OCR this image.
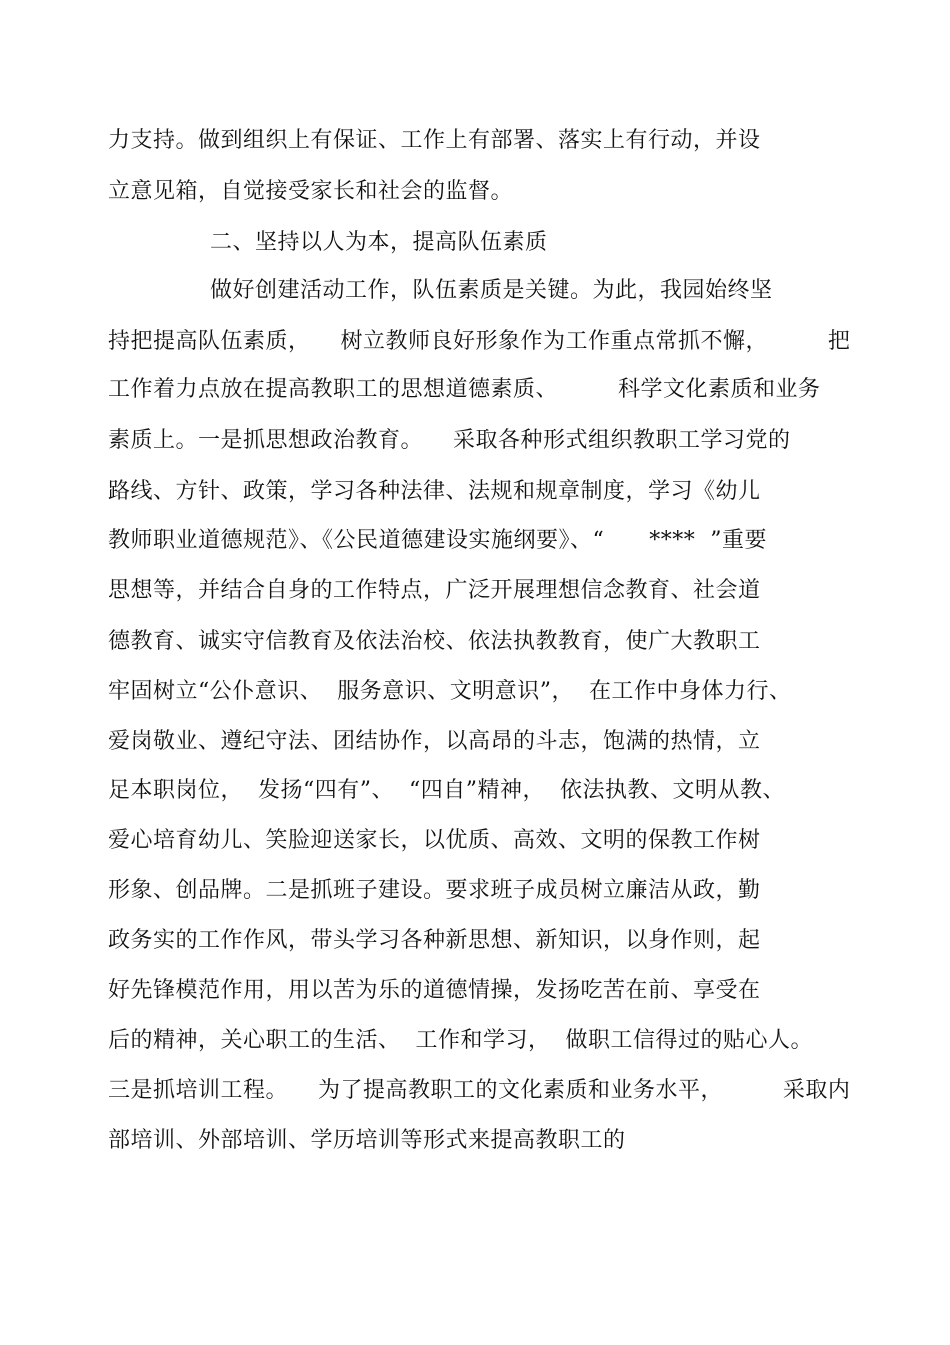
力支持。做到组织上有保证、工作上有部署、落实上有行动，并设
立意见箱，自觉接受家长和社会的监督。
二、坚持以人为本，提高队伍素质
做好创建活动工作，队伍素质是关键。为此，我园始终坚
持把提高队伍素质，    树立教师良好形象作为工作重点常抓不懈，        把
工作着力点放在提高教职工的思想道德素质、        科学文化素质和业务
素质上。一是抓思想政治教育。    采取各种形式组织教职工学习党的
路线、方针、政策，学习各种法律、法规和规章制度，学习《幼儿
教师职业道德规范》、《公民道德建设实施纲要》、“      ****  ”重要
思想等，并结合自身的工作特点，广泛开展理想信念教育、社会道
德教育、诚实守信教育及依法治校、依法执教教育，使广大教职工
牢固树立“公仆意识、  服务意识、文明意识”，  在工作中身体力行、
爱岗敬业、遵纪守法、团结协作，以高昂的斗志，饱满的热情，立
足本职岗位，  发扬“四有”、  “四自”精神，  依法执教、文明从教、
爱心培育幼儿、笑脸迎送家长，以优质、高效、文明的保教工作树
形象、创品牌。二是抓班子建设。要求班子成员树立廉洁从政，勤
政务实的工作作风，带头学习各种新思想、新知识，以身作则，起
好先锋模范作用，用以苦为乐的道德情操，发扬吃苦在前、享受在
后的精神，关心职工的生活、  工作和学习，  做职工信得过的贴心人。
三是抓培训工程。    为了提高教职工的文化素质和业务水平，        采取内
部培训、外部培训、学历培训等形式来提高教职工的
